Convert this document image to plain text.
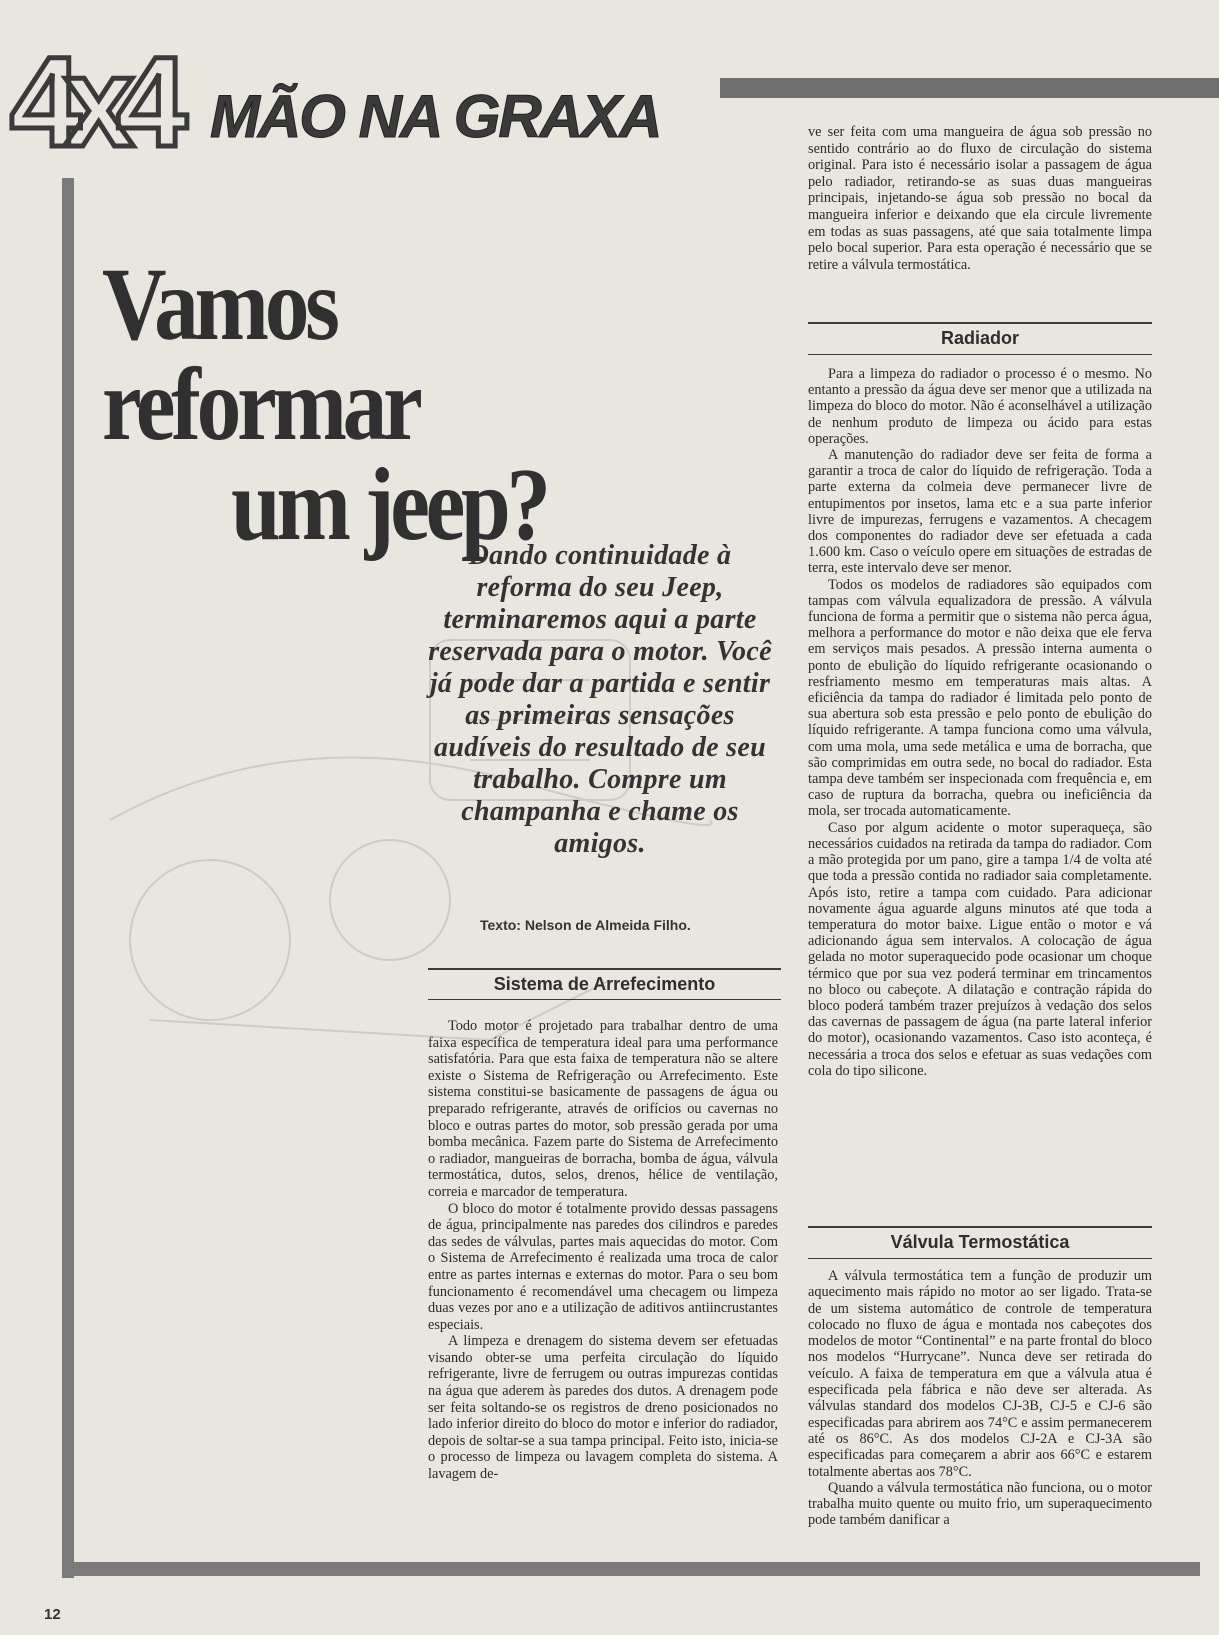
4x4 MÃO NA GRAXA
Vamos reformar
um jeep?
Dando continuidade à reforma do seu Jeep, terminaremos aqui a parte reservada para o motor. Você já pode dar a partida e sentir as primeiras sensações audíveis do resultado de seu trabalho. Compre um champanha e chame os amigos.
Texto: Nelson de Almeida Filho.
Sistema de Arrefecimento

Todo motor é projetado para trabalhar dentro de uma faixa específica de temperatura ideal para uma performance satisfatória. Para que esta faixa de temperatura não se altere existe o Sistema de Refrigeração ou Arrefecimento. Este sistema constitui-se basicamente de passagens de água ou preparado refrigerante, através de orifícios ou cavernas no bloco e outras partes do motor, sob pressão gerada por uma bomba mecânica. Fazem parte do Sistema de Arrefecimento o radiador, mangueiras de borracha, bomba de água, válvula termostática, dutos, selos, drenos, hélice de ventilação, correia e marcador de temperatura.

O bloco do motor é totalmente provido dessas passagens de água, principalmente nas paredes dos cilindros e paredes das sedes de válvulas, partes mais aquecidas do motor. Com o Sistema de Arrefecimento é realizada uma troca de calor entre as partes internas e externas do motor. Para o seu bom funcionamento é recomendável uma checagem ou limpeza duas vezes por ano e a utilização de aditivos antiincrustantes especiais.

A limpeza e drenagem do sistema devem ser efetuadas visando obter-se uma perfeita circulação do líquido refrigerante, livre de ferrugem ou outras impurezas contidas na água que aderem às paredes dos dutos. A drenagem pode ser feita soltando-se os registros de dreno posicionados no lado inferior direito do bloco do motor e inferior do radiador, depois de soltar-se a sua tampa principal. Feito isto, inicia-se o processo de limpeza ou lavagem completa do sistema. A lavagem de-

ve ser feita com uma mangueira de água sob pressão no sentido contrário ao do fluxo de circulação do sistema original. Para isto é necessário isolar a passagem de água pelo radiador, retirando-se as suas duas mangueiras principais, injetando-se água sob pressão no bocal da mangueira inferior e deixando que ela circule livremente em todas as suas passagens, até que saia totalmente limpa pelo bocal superior. Para esta operação é necessário que se retire a válvula termostática.

Radiador

Para a limpeza do radiador o processo é o mesmo. No entanto a pressão da água deve ser menor que a utilizada na limpeza do bloco do motor. Não é aconselhável a utilização de nenhum produto de limpeza ou ácido para estas operações.

A manutenção do radiador deve ser feita de forma a garantir a troca de calor do líquido de refrigeração. Toda a parte externa da colmeia deve permanecer livre de entupimentos por insetos, lama etc e a sua parte inferior livre de impurezas, ferrugens e vazamentos. A checagem dos componentes do radiador deve ser efetuada a cada 1.600 km. Caso o veículo opere em situações de estradas de terra, este intervalo deve ser menor.

Todos os modelos de radiadores são equipados com tampas com válvula equalizadora de pressão. A válvula funciona de forma a permitir que o sistema não perca água, melhora a performance do motor e não deixa que ele ferva em serviços mais pesados. A pressão interna aumenta o ponto de ebulição do líquido refrigerante ocasionando o resfriamento mesmo em temperaturas mais altas. A eficiência da tampa do radiador é limitada pelo ponto de sua abertura sob esta pressão e pelo ponto de ebulição do líquido refrigerante. A tampa funciona como uma válvula, com uma mola, uma sede metálica e uma de borracha, que são comprimidas em outra sede, no bocal do radiador. Esta tampa deve também ser inspecionada com frequência e, em caso de ruptura da borracha, quebra ou ineficiência da mola, ser trocada automaticamente.

Caso por algum acidente o motor superaqueça, são necessários cuidados na retirada da tampa do radiador. Com a mão protegida por um pano, gire a tampa 1/4 de volta até que toda a pressão contida no radiador saia completamente. Após isto, retire a tampa com cuidado. Para adicionar novamente água aguarde alguns minutos até que toda a temperatura do motor baixe. Ligue então o motor e vá adicionando água sem intervalos. A colocação de água gelada no motor superaquecido pode ocasionar um choque térmico que por sua vez poderá terminar em trincamentos no bloco ou cabeçote. A dilatação e contração rápida do bloco poderá também trazer prejuízos à vedação dos selos das cavernas de passagem de água (na parte lateral inferior do motor), ocasionando vazamentos. Caso isto aconteça, é necessária a troca dos selos e efetuar as suas vedações com cola do tipo silicone.

Válvula Termostática

A válvula termostática tem a função de produzir um aquecimento mais rápido no motor ao ser ligado. Trata-se de um sistema automático de controle de temperatura colocado no fluxo de água e montada nos cabeçotes dos modelos de motor “Continental” e na parte frontal do bloco nos modelos “Hurrycane”. Nunca deve ser retirada do veículo. A faixa de temperatura em que a válvula atua é especificada pela fábrica e não deve ser alterada. As válvulas standard dos modelos CJ-3B, CJ-5 e CJ-6 são especificadas para abrirem aos 74°C e assim permanecerem até os 86°C. As dos modelos CJ-2A e CJ-3A são especificadas para começarem a abrir aos 66°C e estarem totalmente abertas aos 78°C.

Quando a válvula termostática não funciona, ou o motor trabalha muito quente ou muito frio, um superaquecimento pode também danificar a

12
